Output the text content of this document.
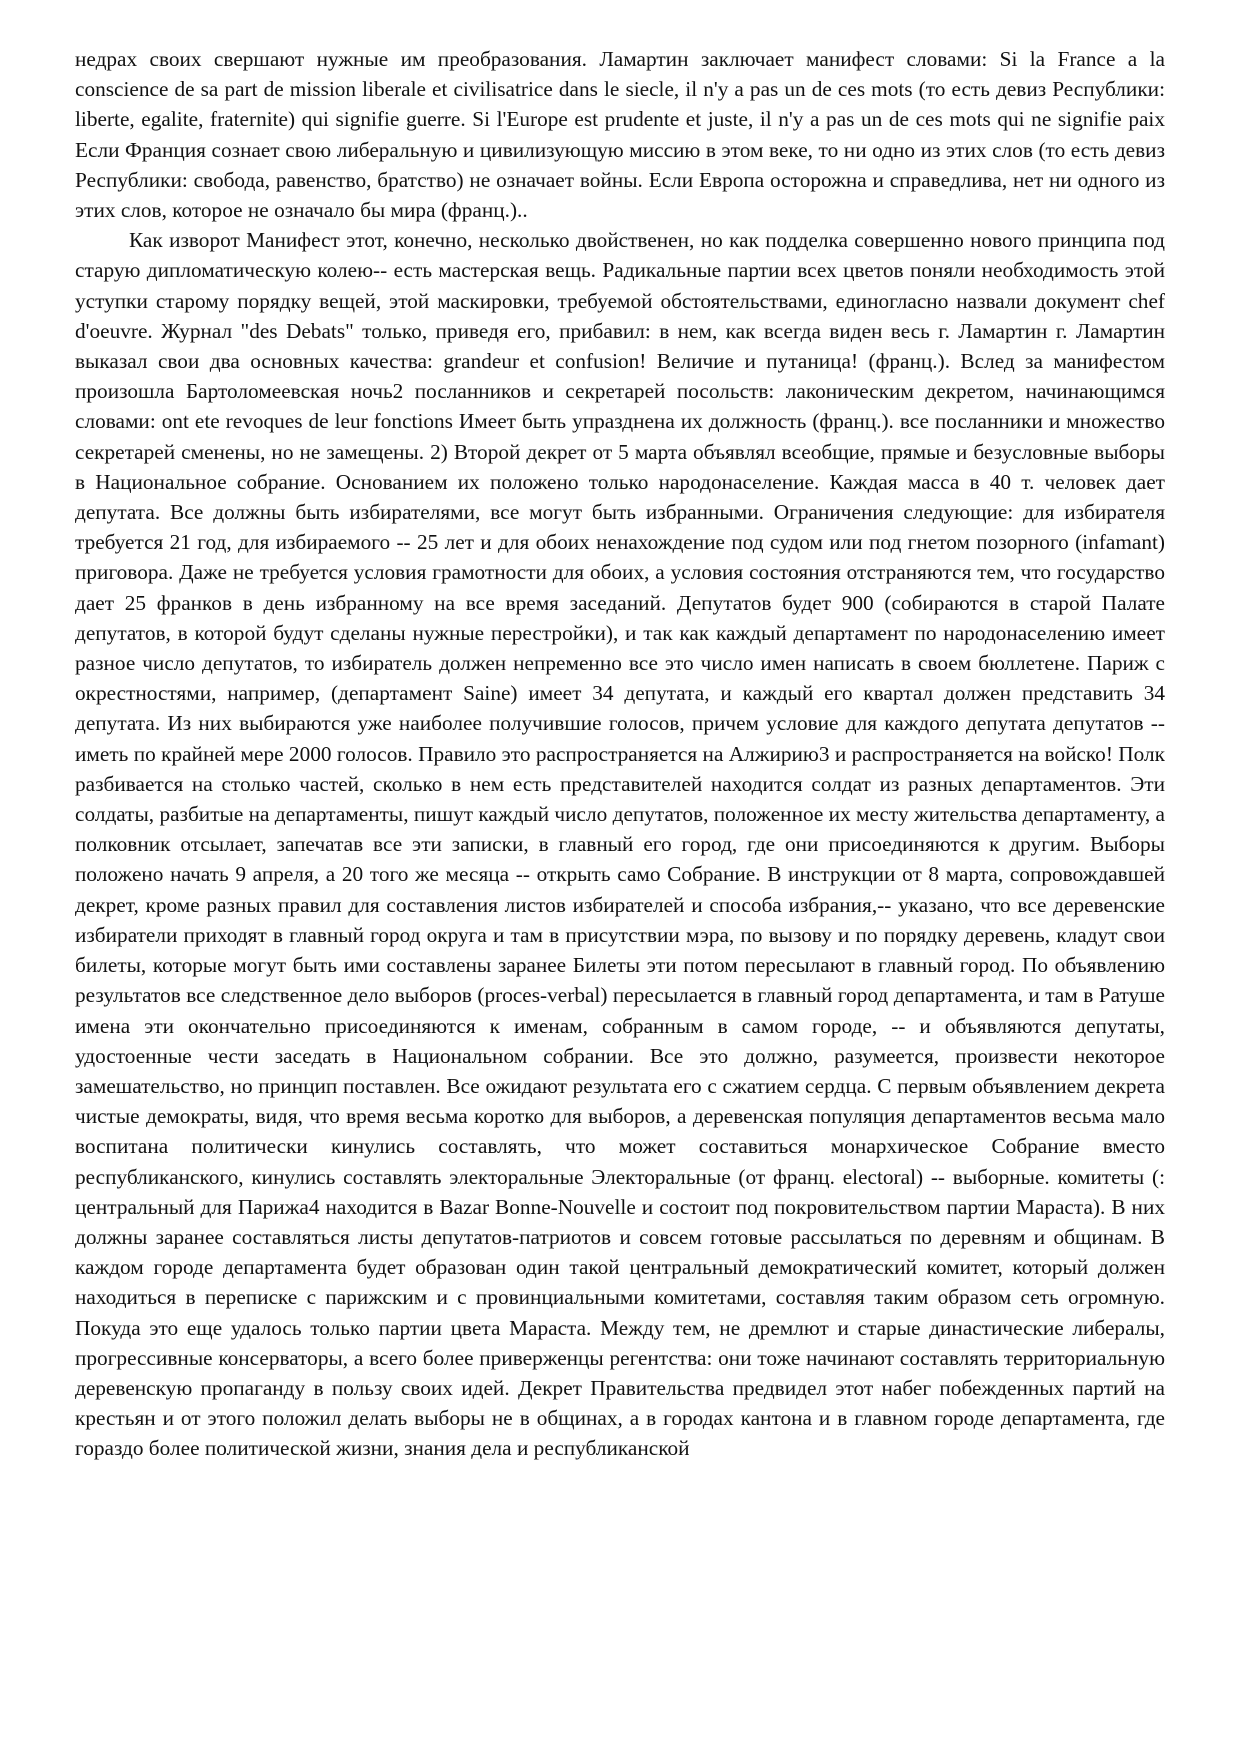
недрах своих свершают нужные им преобразования. Ламартин заключает манифест словами: Si la France a la conscience de sa part de mission liberale et civilisatrice dans le siecle, il n'y a pas un de ces mots (то есть девиз Республики: liberte, egalite, fraternite) qui signifie guerre. Si l'Europe est prudente et juste, il n'y a pas un de ces mots qui ne signifie paix Если Франция сознает свою либеральную и цивилизующую миссию в этом веке, то ни одно из этих слов (то есть девиз Республики: свобода, равенство, братство) не означает войны. Если Европа осторожна и справедлива, нет ни одного из этих слов, которое не означало бы мира (франц.)..

Как изворот Манифест этот, конечно, несколько двойственен, но как подделка совершенно нового принципа под старую дипломатическую колею-- есть мастерская вещь. Радикальные партии всех цветов поняли необходимость этой уступки старому порядку вещей, этой маскировки, требуемой обстоятельствами, единогласно назвали документ chef d'oeuvre. Журнал "des Debats" только, приведя его, прибавил: в нем, как всегда виден весь г. Ламартин г. Ламартин выказал свои два основных качества: grandeur et confusion! Величие и путаница! (франц.). Вслед за манифестом произошла Бартоломеевская ночь2 посланников и секретарей посольств: лаконическим декретом, начинающимся словами: ont ete revoques de leur fonctions Имеет быть упразднена их должность (франц.). все посланники и множество секретарей сменены, но не замещены. 2) Второй декрет от 5 марта объявлял всеобщие, прямые и безусловные выборы в Национальное собрание. Основанием их положено только народонаселение. Каждая масса в 40 т. человек дает депутата. Все должны быть избирателями, все могут быть избранными. Ограничения следующие: для избирателя требуется 21 год, для избираемого -- 25 лет и для обоих ненахождение под судом или под гнетом позорного (infamant) приговора. Даже не требуется условия грамотности для обоих, а условия состояния отстраняются тем, что государство дает 25 франков в день избранному на все время заседаний. Депутатов будет 900 (собираются в старой Палате депутатов, в которой будут сделаны нужные перестройки), и так как каждый департамент по народонаселению имеет разное число депутатов, то избиратель должен непременно все это число имен написать в своем бюллетене. Париж с окрестностями, например, (департамент Saine) имеет 34 депутата, и каждый его квартал должен представить 34 депутата. Из них выбираются уже наиболее получившие голосов, причем условие для каждого депутата депутатов -- иметь по крайней мере 2000 голосов. Правило это распространяется на Алжирию3 и распространяется на войско! Полк разбивается на столько частей, сколько в нем есть представителей находится солдат из разных департаментов. Эти солдаты, разбитые на департаменты, пишут каждый число депутатов, положенное их месту жительства департаменту, а полковник отсылает, запечатав все эти записки, в главный его город, где они присоединяются к другим. Выборы положено начать 9 апреля, а 20 того же месяца -- открыть само Собрание. В инструкции от 8 марта, сопровождавшей декрет, кроме разных правил для составления листов избирателей и способа избрания,-- указано, что все деревенские избиратели приходят в главный город округа и там в присутствии мэра, по вызову и по порядку деревень, кладут свои билеты, которые могут быть ими составлены заранее Билеты эти потом пересылают в главный город. По объявлению результатов все следственное дело выборов (proces-verbal) пересылается в главный город департамента, и там в Ратуше имена эти окончательно присоединяются к именам, собранным в самом городе, -- и объявляются депутаты, удостоенные чести заседать в Национальном собрании. Все это должно, разумеется, произвести некоторое замешательство, но принцип поставлен. Все ожидают результата его с сжатием сердца. С первым объявлением декрета чистые демократы, видя, что время весьма коротко для выборов, а деревенская популяция департаментов весьма мало воспитана политически кинулись составлять, что может составиться монархическое Собрание вместо республиканского, кинулись составлять электоральные Электоральные (от франц. electoral) -- выборные. комитеты (: центральный для Парижа4 находится в Bazar Bonne-Nouvelle и состоит под покровительством партии Мараста). В них должны заранее составляться листы депутатов-патриотов и совсем готовые рассылаться по деревням и общинам. В каждом городе департамента будет образован один такой центральный демократический комитет, который должен находиться в переписке с парижским и с провинциальными комитетами, составляя таким образом сеть огромную. Покуда это еще удалось только партии цвета Мараста. Между тем, не дремлют и старые династические либералы, прогрессивные консерваторы, а всего более приверженцы регентства: они тоже начинают составлять территориальную деревенскую пропаганду в пользу своих идей. Декрет Правительства предвидел этот набег побежденных партий на крестьян и от этого положил делать выборы не в общинах, а в городах кантона и в главном городе департамента, где гораздо более политической жизни, знания дела и республиканской
